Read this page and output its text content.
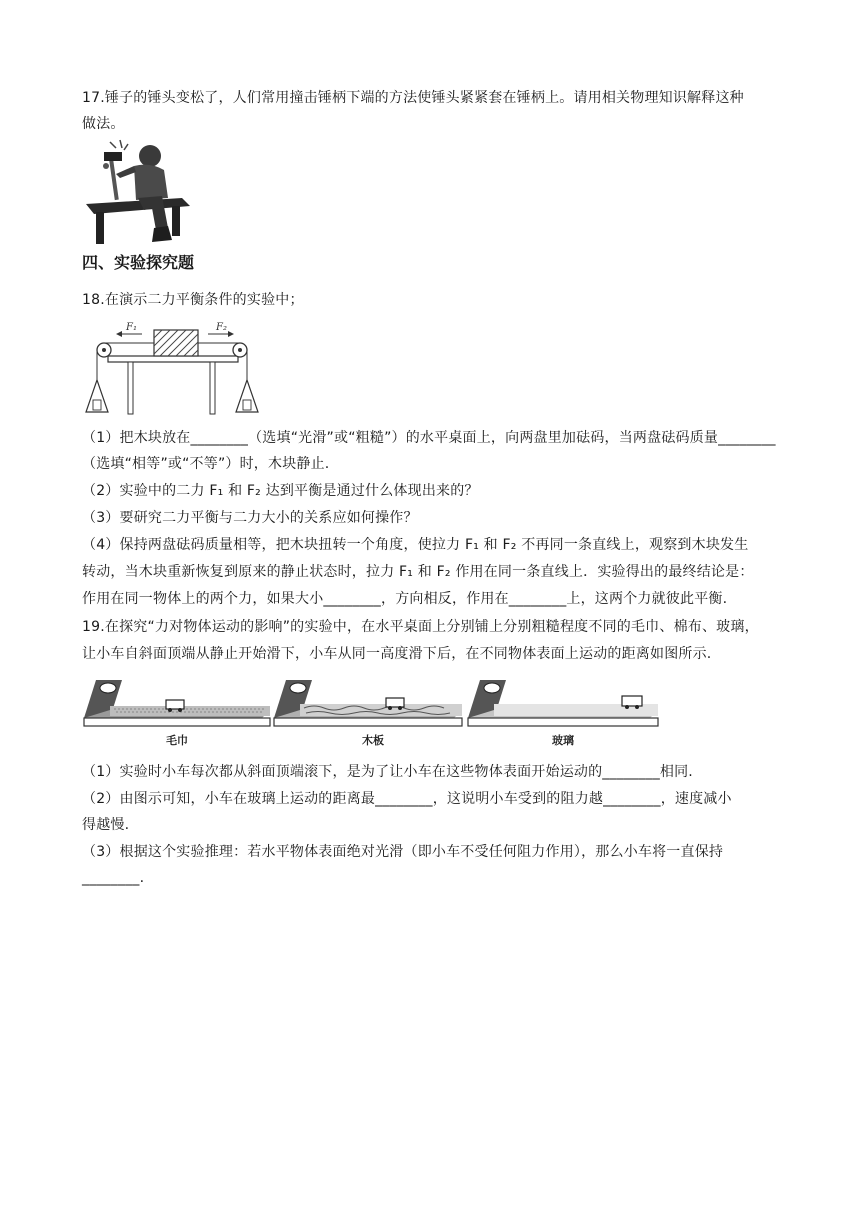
17.锤子的锤头变松了，人们常用撞击锤柄下端的方法使锤头紧紧套在锤柄上。请用相关物理知识解释这种
做法。
四、实验探究题
18.在演示二力平衡条件的实验中；
F₁	F₂
（1）把木块放在________（选填“光滑”或“粗糙”）的水平桌面上，向两盘里加砝码，当两盘砝码质量________
（选填“相等”或“不等”）时，木块静止.
（2）实验中的二力 F₁ 和 F₂ 达到平衡是通过什么体现出来的？
（3）要研究二力平衡与二力大小的关系应如何操作？
（4）保持两盘砝码质量相等，把木块扭转一个角度，使拉力 F₁ 和 F₂ 不再同一条直线上，观察到木块发生
转动，当木块重新恢复到原来的静止状态时，拉力 F₁ 和 F₂ 作用在同一条直线上．实验得出的最终结论是：
作用在同一物体上的两个力，如果大小________，方向相反，作用在________上，这两个力就彼此平衡.
19.在探究“力对物体运动的影响”的实验中，在水平桌面上分别铺上分别粗糙程度不同的毛巾、棉布、玻璃，
让小车自斜面顶端从静止开始滑下，小车从同一高度滑下后，在不同物体表面上运动的距离如图所示.
毛巾	木板	玻璃
（1）实验时小车每次都从斜面顶端滚下，是为了让小车在这些物体表面开始运动的________相同.
（2）由图示可知，小车在玻璃上运动的距离最________，这说明小车受到的阻力越________，速度减小
得越慢.
（3）根据这个实验推理：若水平物体表面绝对光滑（即小车不受任何阻力作用），那么小车将一直保持
________.
